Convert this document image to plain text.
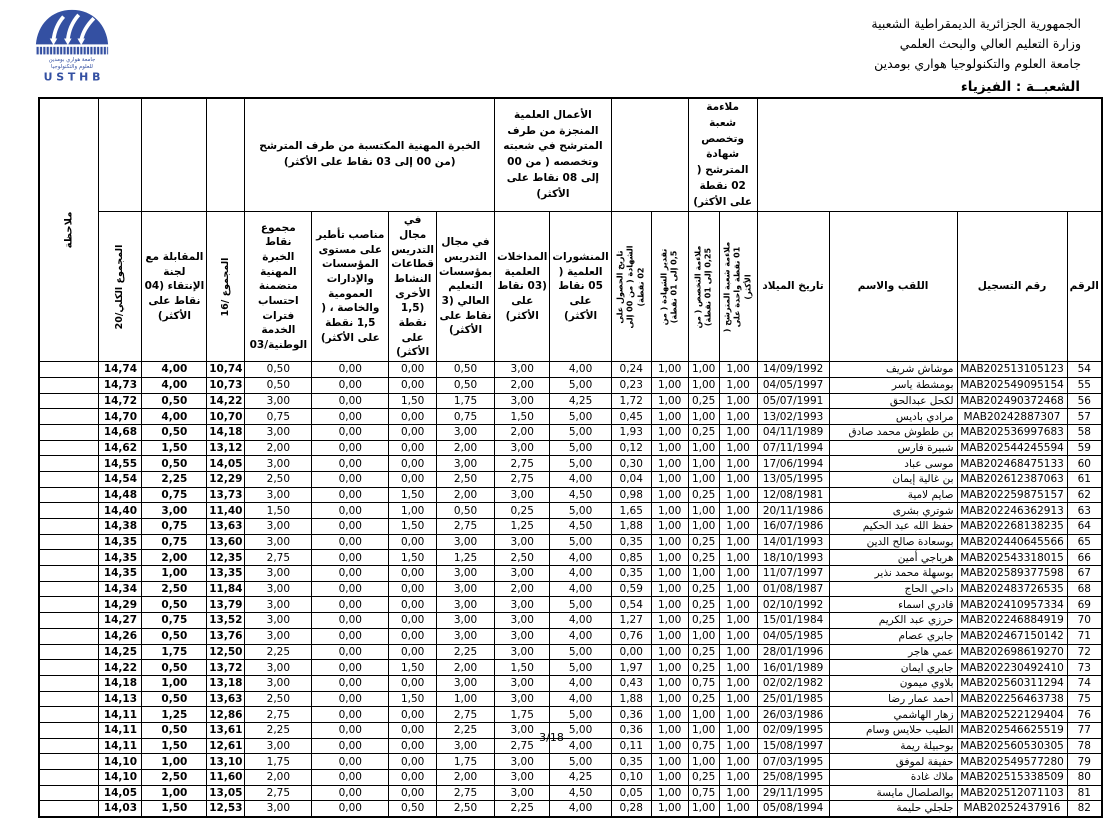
الجمهورية الجزائرية الديمقراطية الشعبية
وزارة التعليم العالي والبحث العلمي
جامعة العلوم والتكنولوجيا هواري بومدين
جامعة هواري بومدين
للعلوم والتكنولوجيا
U S T H B
الشعبــة : الفيزياء
				ملاءمة شعبة وتخصص شهادة المترشح ( 02 نقطة على الأكثر)				الأعمال العلمية المنجزة من طرف المترشح في شعبته وتخصصه ( من 00 إلى 08 نقاط على الأكثر)		الخبرة المهنية المكتسبة من طرف المترشح (من 00 إلى 03 نقاط على الأكثر)							ملاحظة

الرقم	رقم التسجيل	اللقب والاسم	تاريخ الميلاد	ملاءمة شعبة المترشح ( 01 نقطة واحدة على الأكثر)	ملاءمة التخصص ( من 0,25 إلى 01 نقطة)	تقدير الشهادة ( من 0,5 إلى 01 نقطة)	تاريخ الحصول على الشهادة ( من 00 إلى 02 نقطة)	المنشورات العلمية ( 05 نقاط على الأكثر)	المداخلات العلمية (03 نقاط على الأكثر)	في مجال التدريس بمؤسسات التعليم العالي (3 نقاط على الأكثر)	في مجال التدريس قطاعات النشاط الأخرى (1,5 نقطة على الأكثر)	مناصب تأطير على مستوى المؤسسات والإدارات العمومية والخاصة ، ( 1,5 نقطة على الأكثر)	مجموع نقاط الخبرة المهنية متضمنة احتساب فترات الخدمة الوطنية/03	المجموع /16	المقابلة مع لجنة الإنتقاء (04 نقاط على الأكثر)	المجموع الكلي/20	

54	MAB202513105123	موشاش شريف	14/09/1992	1,00	1,00	1,00	0,24	4,00	3,00	0,50	0,00	0,00	0,50	10,74	4,00	14,74	
55	MAB202549095154	بومشطة ياسر	04/05/1997	1,00	1,00	1,00	0,23	5,00	2,00	0,50	0,00	0,00	0,50	10,73	4,00	14,73	
56	MAB202490372468	لكحل عبدالحق	05/07/1991	1,00	0,25	1,00	1,72	4,25	3,00	1,75	1,50	0,00	3,00	14,22	0,50	14,72	
57	MAB20242887307	مرادي باديس	13/02/1993	1,00	1,00	1,00	0,45	5,00	1,50	0,75	0,00	0,00	0,75	10,70	4,00	14,70	
58	MAB202536997683	بن ططوش محمد صادق	04/11/1989	1,00	0,25	1,00	1,93	5,00	2,00	3,00	0,00	0,00	3,00	14,18	0,50	14,68	
59	MAB202544245594	شبيرة فارس	07/11/1994	1,00	1,00	1,00	0,12	5,00	3,00	2,00	0,00	0,00	2,00	13,12	1,50	14,62	
60	MAB202468475133	موسى عباد	17/06/1994	1,00	1,00	1,00	0,30	5,00	2,75	3,00	0,00	0,00	3,00	14,05	0,50	14,55	
61	MAB202612387063	بن غالية إيمان	13/05/1995	1,00	1,00	1,00	0,04	4,00	2,75	2,50	0,00	0,00	2,50	12,29	2,25	14,54	
62	MAB202259875157	صايم لامية	12/08/1981	1,00	0,25	1,00	0,98	4,50	3,00	2,00	1,50	0,00	3,00	13,73	0,75	14,48	
63	MAB202246362913	شوتري بشرى	20/11/1986	1,00	1,00	1,00	1,65	5,00	0,25	0,50	1,00	0,00	1,50	11,40	3,00	14,40	
64	MAB202268138235	حفظ الله عبد الحكيم	16/07/1986	1,00	1,00	1,00	1,88	4,50	1,25	2,75	1,50	0,00	3,00	13,63	0,75	14,38	
65	MAB202440645566	بوسعادة صالح الدين	14/01/1993	1,00	0,25	1,00	0,35	5,00	3,00	3,00	0,00	0,00	3,00	13,60	0,75	14,35	
66	MAB202543318015	هرباجي أمين	18/10/1993	1,00	0,25	1,00	0,85	4,00	2,50	1,25	1,50	0,00	2,75	12,35	2,00	14,35	
67	MAB202589377598	بوسهلة محمد نذير	11/07/1997	1,00	1,00	1,00	0,35	4,00	3,00	3,00	0,00	0,00	3,00	13,35	1,00	14,35	
68	MAB202483726535	داحي الحاج	01/08/1987	1,00	0,25	1,00	0,59	4,00	2,00	3,00	0,00	0,00	3,00	11,84	2,50	14,34	
69	MAB202410957334	قادري اسماء	02/10/1992	1,00	0,25	1,00	0,54	5,00	3,00	3,00	0,00	0,00	3,00	13,79	0,50	14,29	
70	MAB202246884919	حرزي عبد الكريم	15/01/1984	1,00	0,25	1,00	1,27	4,00	3,00	3,00	0,00	0,00	3,00	13,52	0,75	14,27	
71	MAB202467150142	جابري عصام	04/05/1985	1,00	1,00	1,00	0,76	4,00	3,00	3,00	0,00	0,00	3,00	13,76	0,50	14,26	
72	MAB202698619270	عمي هاجر	28/01/1996	1,00	0,25	1,00	0,00	5,00	3,00	2,25	0,00	0,00	2,25	12,50	1,75	14,25	
73	MAB202230492410	جابري ايمان	16/01/1989	1,00	0,25	1,00	1,97	5,00	1,50	2,00	1,50	0,00	3,00	13,72	0,50	14,22	
74	MAB202560311294	بلاوي ميمون	02/02/1982	1,00	0,75	1,00	0,43	4,00	3,00	3,00	0,00	0,00	3,00	13,18	1,00	14,18	
75	MAB202256463738	أحمد عمار رضا	25/01/1985	1,00	0,25	1,00	1,88	4,00	3,00	1,00	1,50	0,00	2,50	13,63	0,50	14,13	
76	MAB202522129404	زهار الهاشمي	26/03/1986	1,00	1,00	1,00	0,36	5,00	1,75	2,75	0,00	0,00	2,75	12,86	1,25	14,11	
77	MAB202546625519	الطيب حلايس وسام	02/09/1995	1,00	1,00	1,00	0,36	5,00	3,00	2,25	0,00	0,00	2,25	13,61	0,50	14,11	
78	MAB202560530305	بوحبيلة ريمة	15/08/1997	1,00	0,75	1,00	0,11	4,00	2,75	3,00	0,00	0,00	3,00	12,61	1,50	14,11	
79	MAB202549577280	حفيفة لموفق	07/03/1995	1,00	1,00	1,00	0,35	5,00	3,00	1,75	0,00	0,00	1,75	13,10	1,00	14,10	
80	MAB202515338509	ملاك غادة	25/08/1995	1,00	0,25	1,00	0,10	4,25	3,00	2,00	0,00	0,00	2,00	11,60	2,50	14,10	
81	MAB202512071103	بوالصلصال مايسة	29/11/1995	1,00	0,75	1,00	0,05	4,50	3,00	2,75	0,00	0,00	2,75	13,05	1,00	14,05	
82	MAB20252437916	جلجلي حليمة	05/08/1994	1,00	1,00	1,00	0,28	4,00	2,25	2,50	0,50	0,00	3,00	12,53	1,50	14,03	
3/18
